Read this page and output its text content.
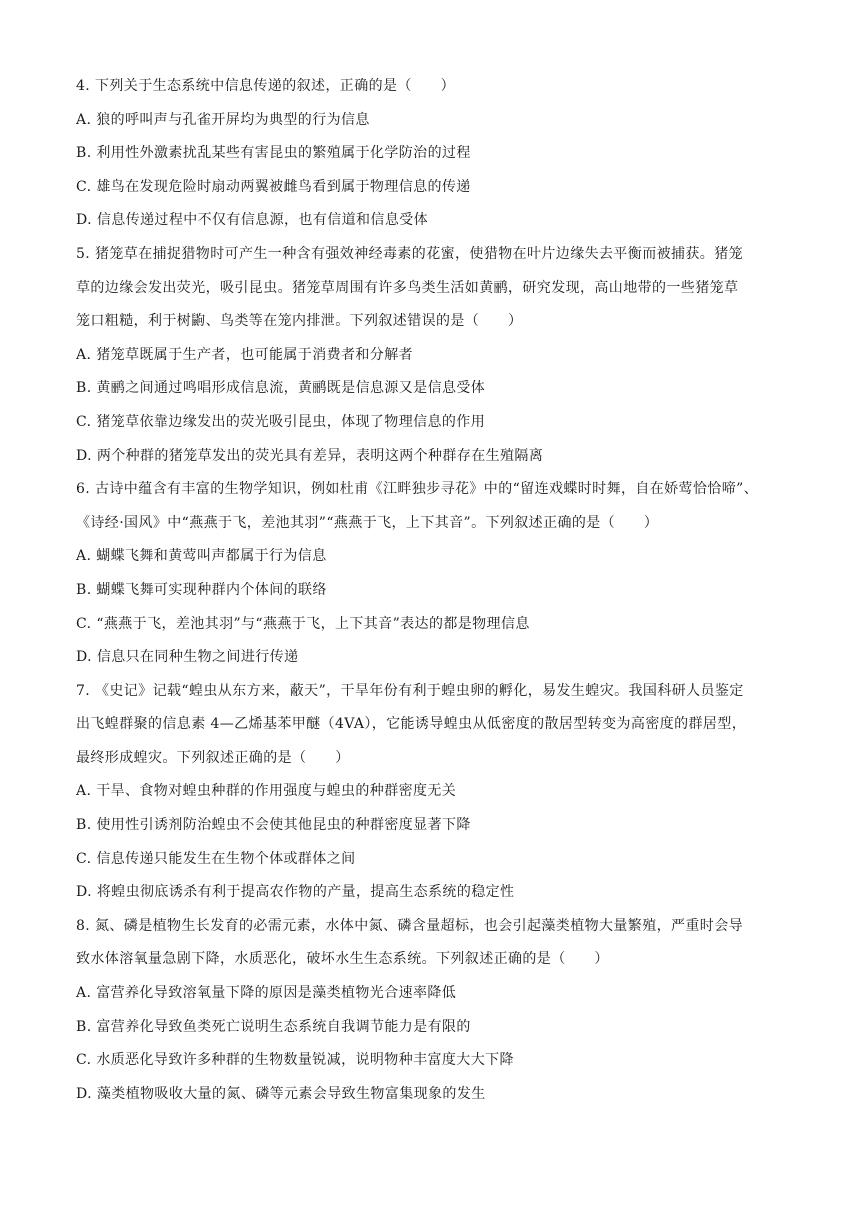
4. 下列关于生态系统中信息传递的叙述，正确的是（　　）
A. 狼的呼叫声与孔雀开屏均为典型的行为信息
B. 利用性外激素扰乱某些有害昆虫的繁殖属于化学防治的过程
C. 雄鸟在发现危险时扇动两翼被雌鸟看到属于物理信息的传递
D. 信息传递过程中不仅有信息源，也有信道和信息受体
5. 猪笼草在捕捉猎物时可产生一种含有强效神经毒素的花蜜，使猎物在叶片边缘失去平衡而被捕获。猪笼
草的边缘会发出荧光，吸引昆虫。猪笼草周围有许多鸟类生活如黄鹂，研究发现，高山地带的一些猪笼草
笼口粗糙，利于树鼩、鸟类等在笼内排泄。下列叙述错误的是（　　）
A. 猪笼草既属于生产者，也可能属于消费者和分解者
B. 黄鹂之间通过鸣唱形成信息流，黄鹂既是信息源又是信息受体
C. 猪笼草依靠边缘发出的荧光吸引昆虫，体现了物理信息的作用
D. 两个种群的猪笼草发出的荧光具有差异，表明这两个种群存在生殖隔离
6. 古诗中蕴含有丰富的生物学知识，例如杜甫《江畔独步寻花》中的“留连戏蝶时时舞，自在娇莺恰恰啼”、
《诗经·国风》中“燕燕于飞，差池其羽”“燕燕于飞，上下其音”。下列叙述正确的是（　　）
A. 蝴蝶飞舞和黄莺叫声都属于行为信息
B. 蝴蝶飞舞可实现种群内个体间的联络
C. “燕燕于飞，差池其羽”与“燕燕于飞，上下其音”表达的都是物理信息
D. 信息只在同种生物之间进行传递
7. 《史记》记载“蝗虫从东方来，蔽天”，干旱年份有利于蝗虫卵的孵化，易发生蝗灾。我国科研人员鉴定
出飞蝗群聚的信息素 4—乙烯基苯甲醚（4VA），它能诱导蝗虫从低密度的散居型转变为高密度的群居型，
最终形成蝗灾。下列叙述正确的是（　　）
A. 干旱、食物对蝗虫种群的作用强度与蝗虫的种群密度无关
B. 使用性引诱剂防治蝗虫不会使其他昆虫的种群密度显著下降
C. 信息传递只能发生在生物个体或群体之间
D. 将蝗虫彻底诱杀有利于提高农作物的产量，提高生态系统的稳定性
8. 氮、磷是植物生长发育的必需元素，水体中氮、磷含量超标，也会引起藻类植物大量繁殖，严重时会导
致水体溶氧量急剧下降，水质恶化，破坏水生生态系统。下列叙述正确的是（　　）
A. 富营养化导致溶氧量下降的原因是藻类植物光合速率降低
B. 富营养化导致鱼类死亡说明生态系统自我调节能力是有限的
C. 水质恶化导致许多种群的生物数量锐减，说明物种丰富度大大下降
D. 藻类植物吸收大量的氮、磷等元素会导致生物富集现象的发生
